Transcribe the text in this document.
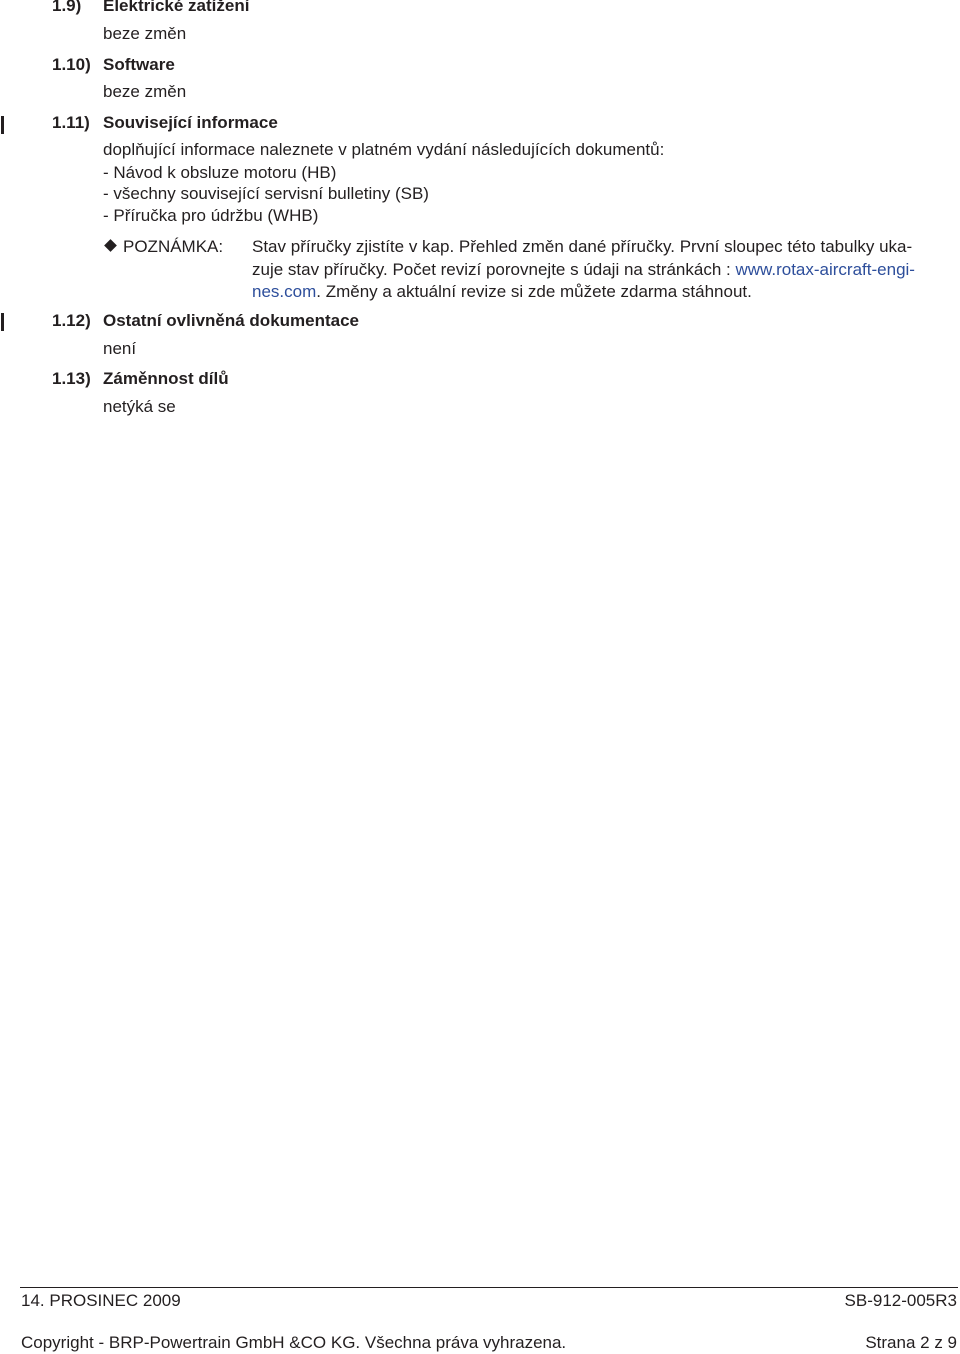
1.9) Elektrické zatížení
beze změn
1.10) Software
beze změn
1.11) Související informace
doplňující informace naleznete v platném vydání následujících dokumentů:
- Návod k obsluze motoru (HB)
- všechny související servisní bulletiny (SB)
- Příručka pro údržbu (WHB)
POZNÁMKA: Stav příručky zjistíte v kap. Přehled změn dané příručky. První sloupec této tabulky uka-
zuje stav příručky. Počet revizí porovnejte s údaji na stránkách : www.rotax-aircraft-engi-
nes.com. Změny a aktuální revize si zde můžete zdarma stáhnout.
1.12) Ostatní ovlivněná dokumentace
není
1.13) Záměnnost dílů
netýká se
14. PROSINEC 2009	SB-912-005R3
Copyright - BRP-Powertrain GmbH &CO KG. Všechna práva vyhrazena.	Strana 2 z 9
